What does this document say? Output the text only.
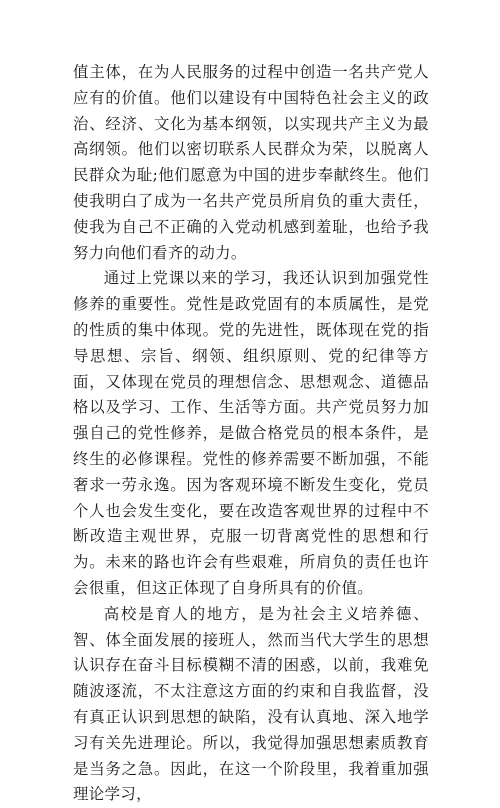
值主体，在为人民服务的过程中创造一名共产党人应有的价值。他们以建设有中国特色社会主义的政治、经济、文化为基本纲领，以实现共产主义为最高纲领。他们以密切联系人民群众为荣，以脱离人民群众为耻;他们愿意为中国的进步奉献终生。他们使我明白了成为一名共产党员所肩负的重大责任，使我为自己不正确的入党动机感到羞耻，也给予我努力向他们看齐的动力。

通过上党课以来的学习，我还认识到加强党性修养的重要性。党性是政党固有的本质属性，是党的性质的集中体现。党的先进性，既体现在党的指导思想、宗旨、纲领、组织原则、党的纪律等方面，又体现在党员的理想信念、思想观念、道德品格以及学习、工作、生活等方面。共产党员努力加强自己的党性修养，是做合格党员的根本条件，是终生的必修课程。党性的修养需要不断加强，不能奢求一劳永逸。因为客观环境不断发生变化，党员个人也会发生变化，要在改造客观世界的过程中不断改造主观世界，克服一切背离党性的思想和行为。未来的路也许会有些艰难，所肩负的责任也许会很重，但这正体现了自身所具有的价值。

高校是育人的地方，是为社会主义培养德、智、体全面发展的接班人，然而当代大学生的思想认识存在奋斗目标模糊不清的困惑，以前，我难免随波逐流，不太注意这方面的约束和自我监督，没有真正认识到思想的缺陷，没有认真地、深入地学习有关先进理论。所以，我觉得加强思想素质教育是当务之急。因此，在这一个阶段里，我着重加强理论学习，
